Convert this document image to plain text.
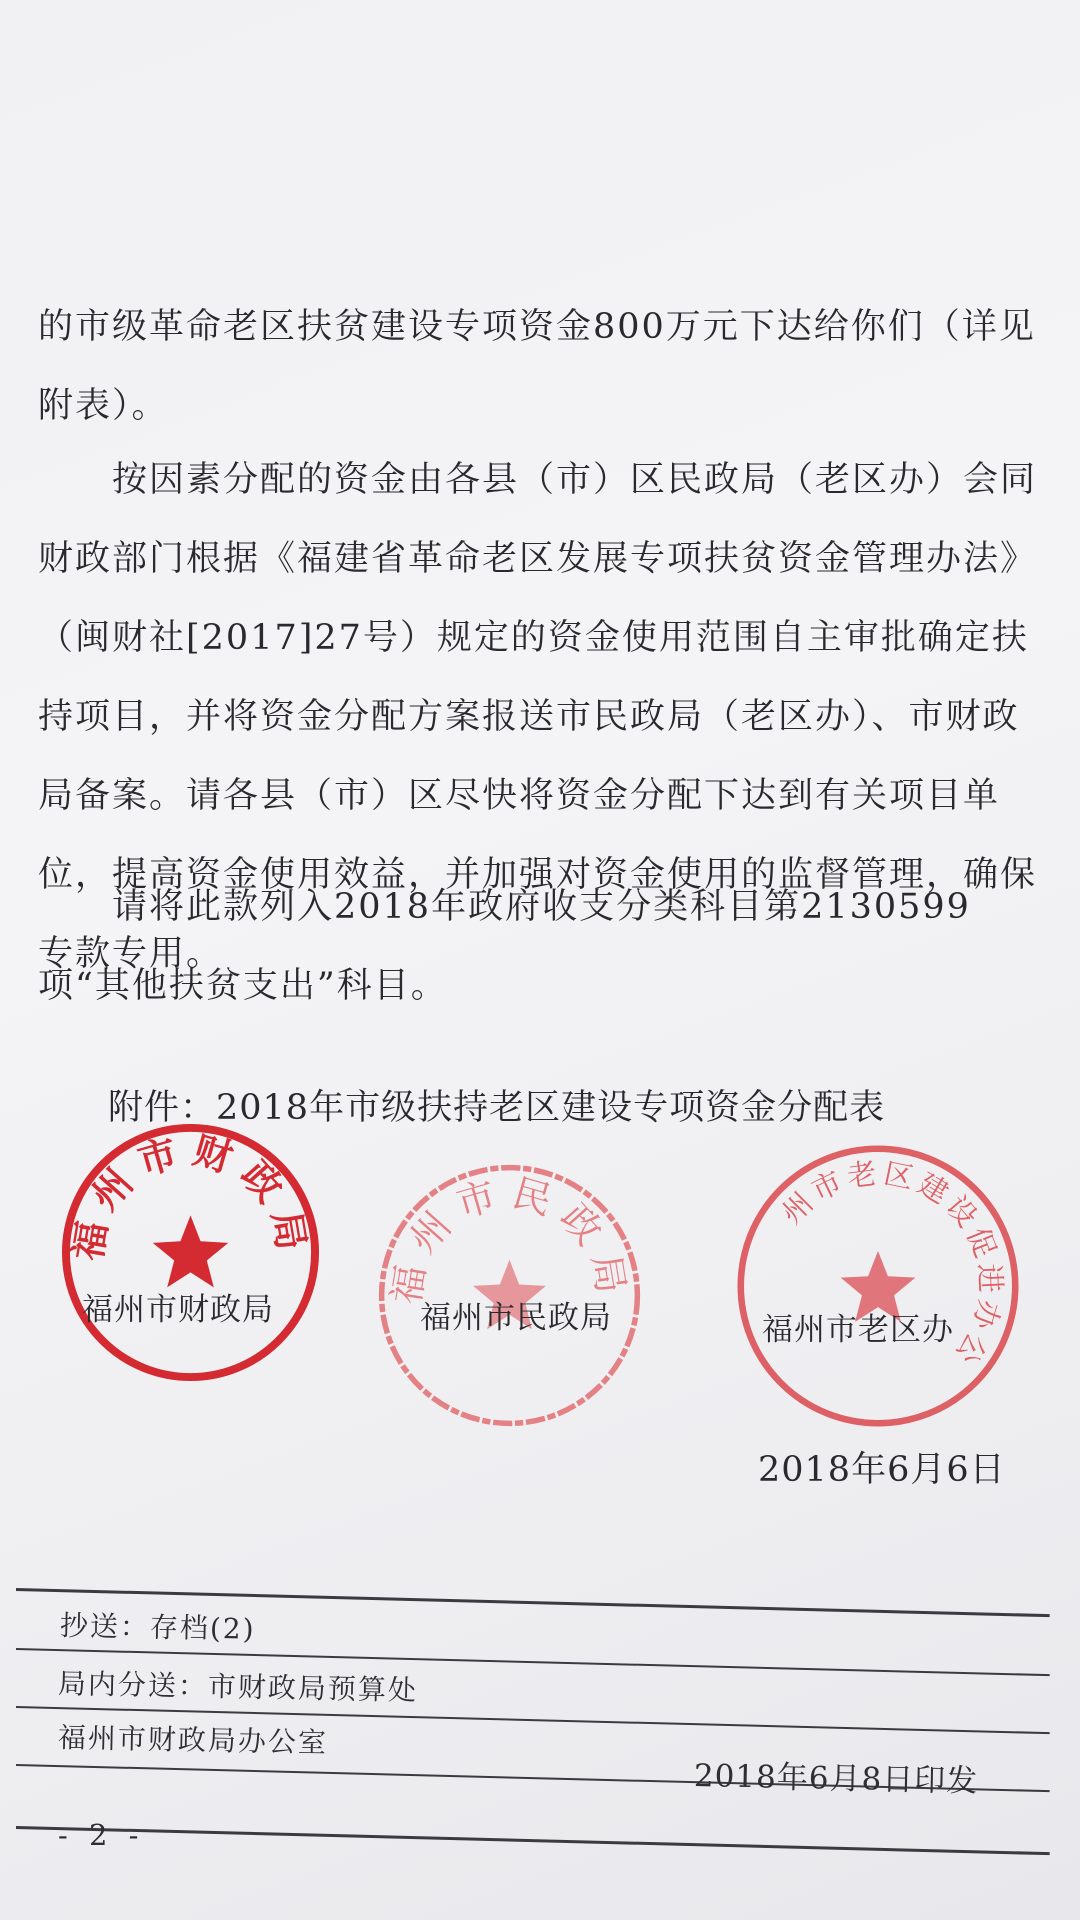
的市级革命老区扶贫建设专项资金800万元下达给你们（详见附表）。

按因素分配的资金由各县（市）区民政局（老区办）会同财政部门根据《福建省革命老区发展专项扶贫资金管理办法》（闽财社[2017]27号）规定的资金使用范围自主审批确定扶持项目，并将资金分配方案报送市民政局（老区办）、市财政局备案。请各县（市）区尽快将资金分配下达到有关项目单位，提高资金使用效益，并加强对资金使用的监督管理，确保专款专用。

请将此款列入2018年政府收支分类科目第2130599项“其他扶贫支出”科目。

附件：2018年市级扶持老区建设专项资金分配表
福州市财政局
福州市民政局
福州市老区建设促进办公室
福州市财政局	福州市民政局	福州市老区办
2018年6月6日
抄送：存档(2)
局内分送：市财政局预算处
福州市财政局办公室
2018年6月8日印发
- 2 -
